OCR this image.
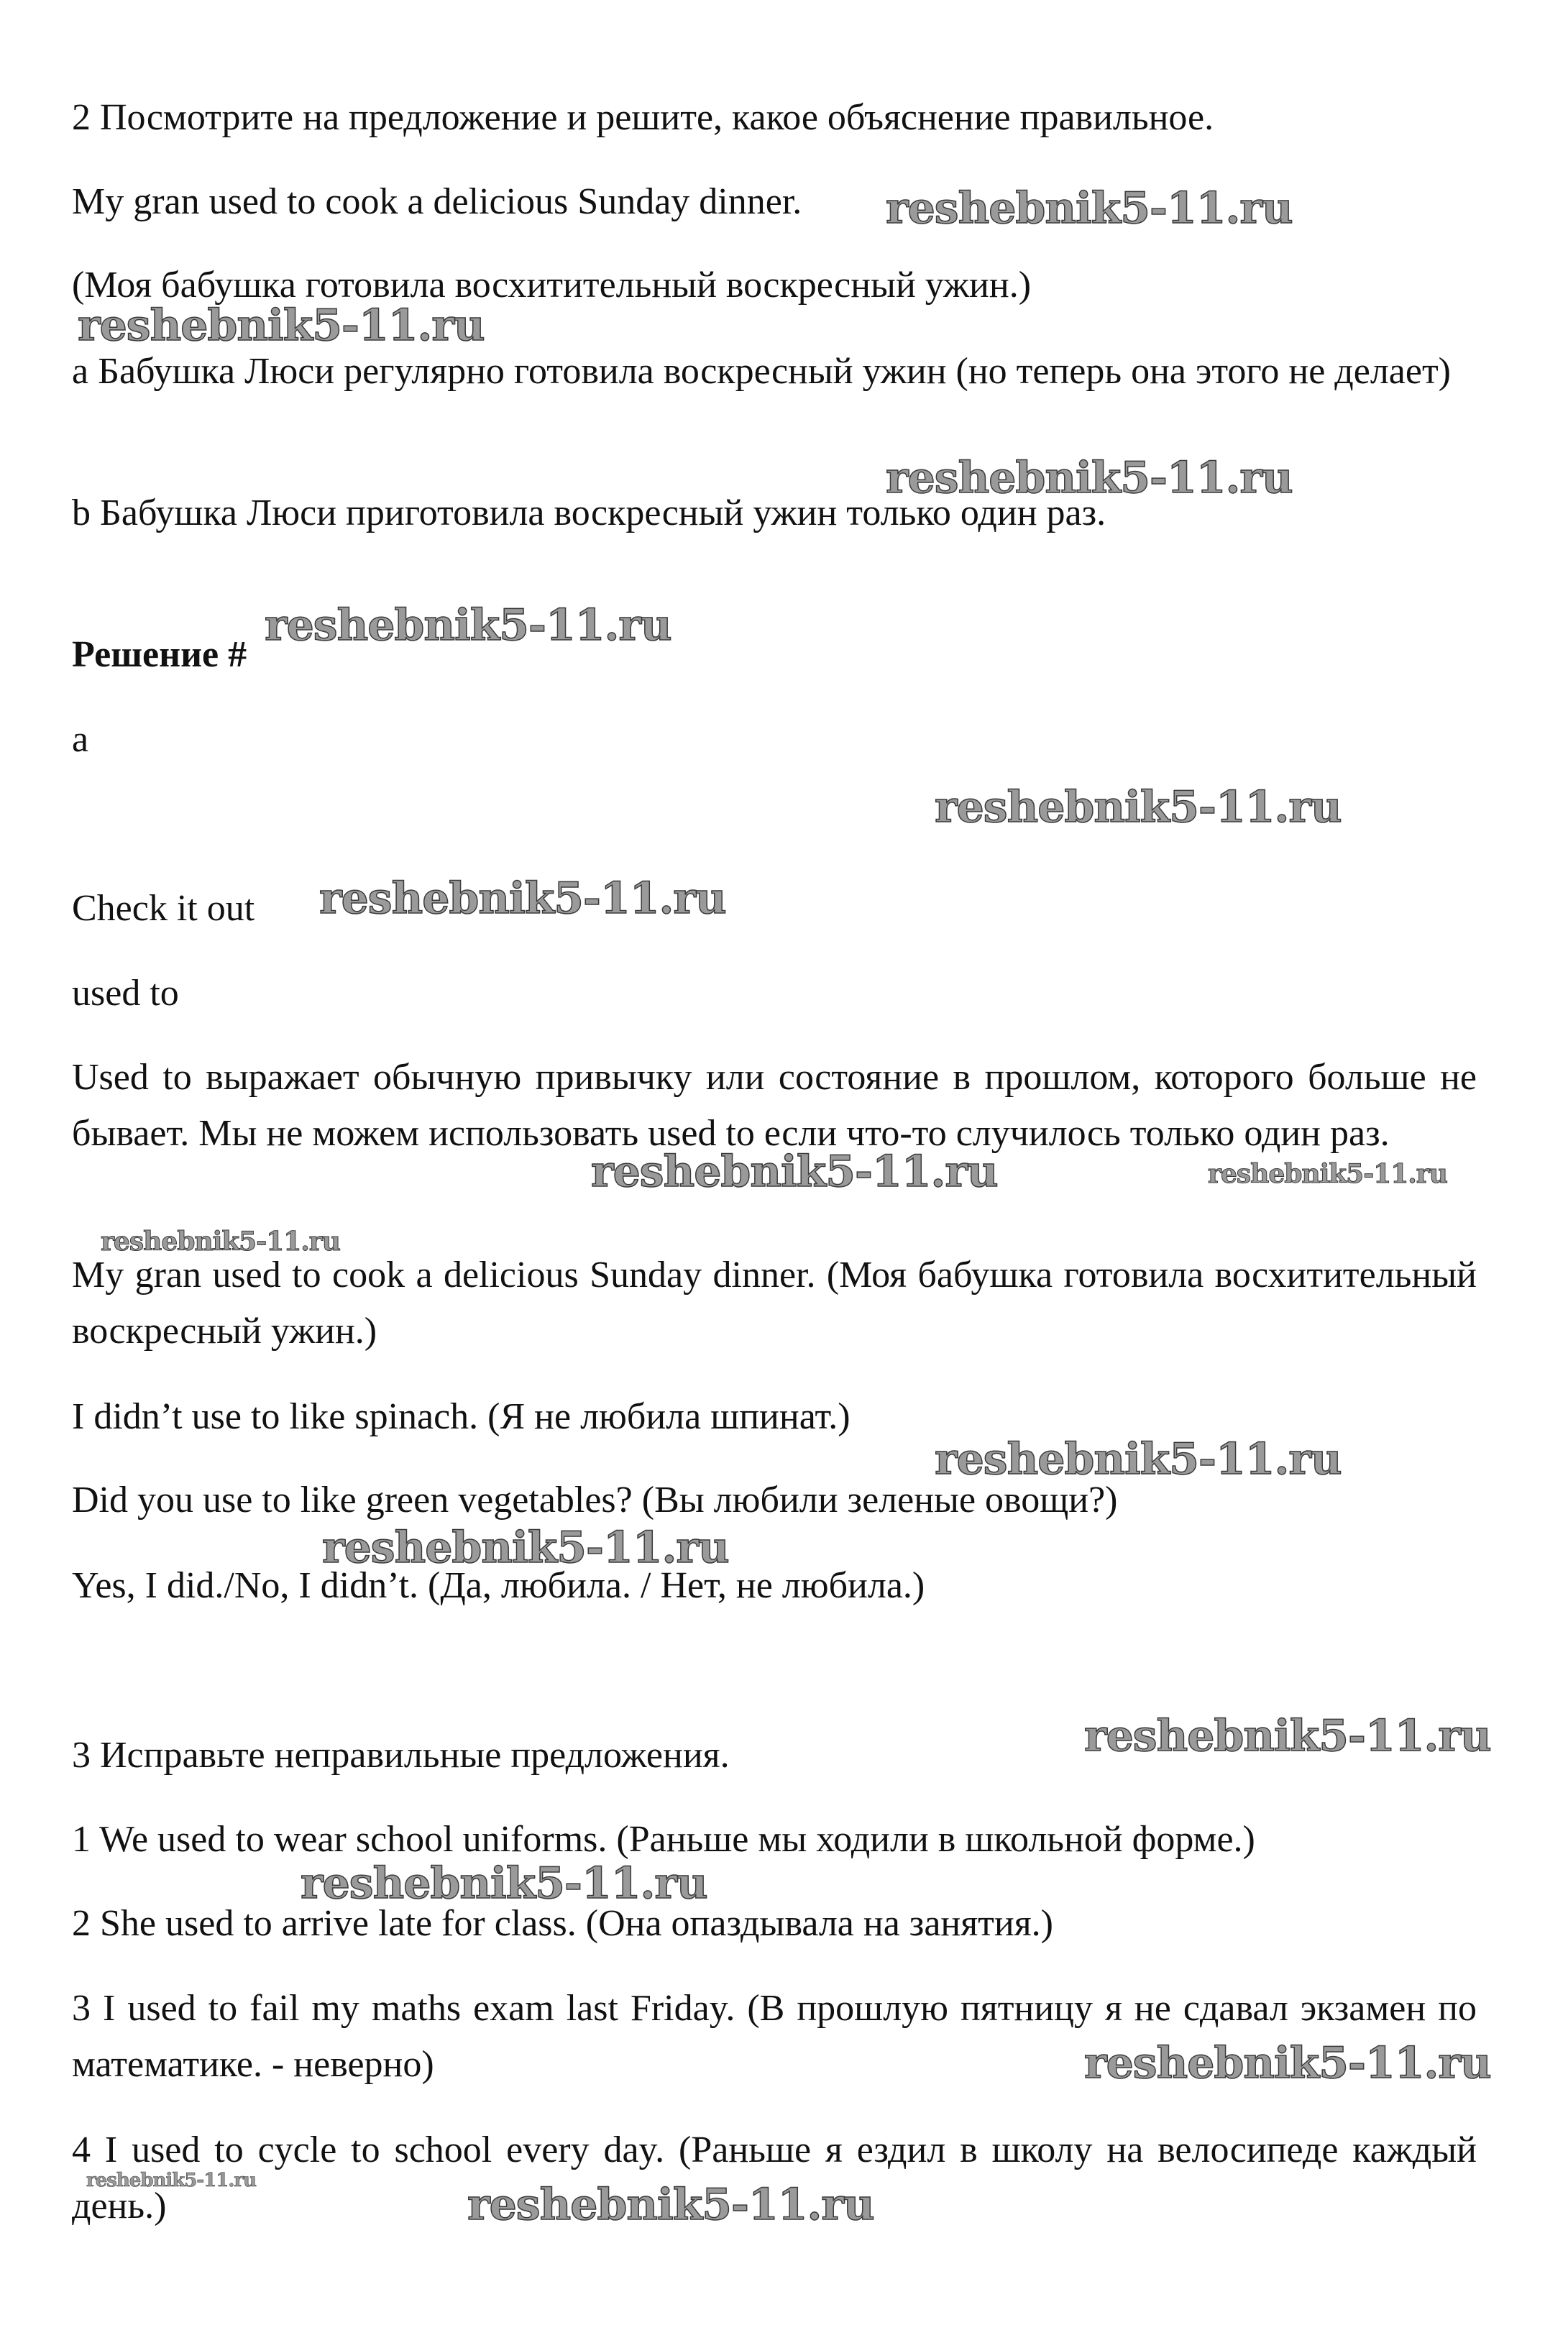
2 Посмотрите на предложение и решите, какое объяснение правильное.

My gran used to cook a delicious Sunday dinner.

(Моя бабушка готовила восхитительный воскресный ужин.)

a Бабушка Люси регулярно готовила воскресный ужин (но теперь она этого не делает)

b Бабушка Люси приготовила воскресный ужин только один раз.

Решение #

a

Check it out

used to

Used to выражает обычную привычку или состояние в прошлом, которого больше не бывает. Мы не можем использовать used to если что-то случилось только один раз.

My gran used to cook a delicious Sunday dinner. (Моя бабушка готовила восхитительный воскресный ужин.)

I didn’t use to like spinach. (Я не любила шпинат.)

Did you use to like green vegetables? (Вы любили зеленые овощи?)

Yes, I did./No, I didn’t. (Да, любила. / Нет, не любила.)

3 Исправьте неправильные предложения.

1 We used to wear school uniforms. (Раньше мы ходили в школьной форме.)

2 She used to arrive late for class. (Она опаздывала на занятия.)

3 I used to fail my maths exam last Friday. (В прошлую пятницу я не сдавал экзамен по математике. - неверно)

4 I used to cycle to school every day. (Раньше я ездил в школу на велосипеде каждый день.)

reshebnik5-11.ru
reshebnik5-11.ru
reshebnik5-11.ru
reshebnik5-11.ru
reshebnik5-11.ru
reshebnik5-11.ru
reshebnik5-11.ru	reshebnik5-11.ru
reshebnik5-11.ru
reshebnik5-11.ru
reshebnik5-11.ru
reshebnik5-11.ru
reshebnik5-11.ru
reshebnik5-11.ru
reshebnik5-11.ru	reshebnik5-11.ru
